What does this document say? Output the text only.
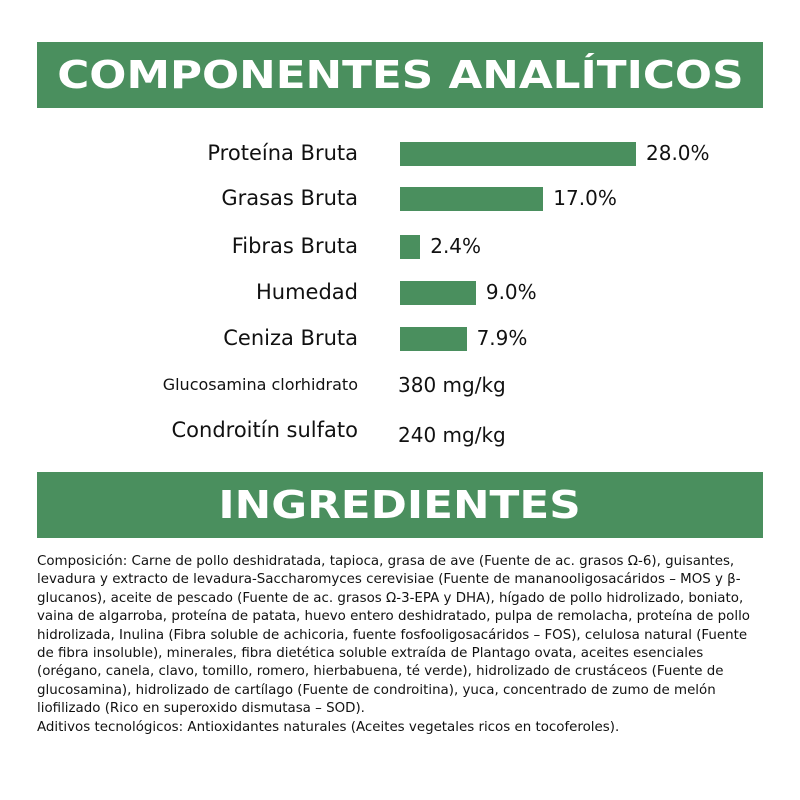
COMPONENTES ANALÍTICOS
Proteína Bruta	28.0%
Grasas Bruta	17.0%
Fibras Bruta	2.4%
Humedad	9.0%
Ceniza Bruta	7.9%
Glucosamina clorhidrato 380 mg/kg
Condroitín sulfato 240 mg/kg
INGREDIENTES

Composición: Carne de pollo deshidratada, tapioca, grasa de ave (Fuente de ac. grasos Ω-6), guisantes, levadura y extracto de levadura-Saccharomyces cerevisiae (Fuente de mananooligosacáridos – MOS y β-glucanos), aceite de pescado (Fuente de ac. grasos Ω-3-EPA y DHA), hígado de pollo hidrolizado, boniato, vaina de algarroba, proteína de patata, huevo entero deshidratado, pulpa de remolacha, proteína de pollo hidrolizada, Inulina (Fibra soluble de achicoria, fuente fosfooligosacáridos – FOS), celulosa natural (Fuente de fibra insoluble), minerales, fibra dietética soluble extraída de Plantago ovata, aceites esenciales (orégano, canela, clavo, tomillo, romero, hierbabuena, té verde), hidrolizado de crustáceos (Fuente de glucosamina), hidrolizado de cartílago (Fuente de condroitina), yuca, concentrado de zumo de melón liofilizado (Rico en superoxido dismutasa – SOD).

Aditivos tecnológicos: Antioxidantes naturales (Aceites vegetales ricos en tocoferoles).
